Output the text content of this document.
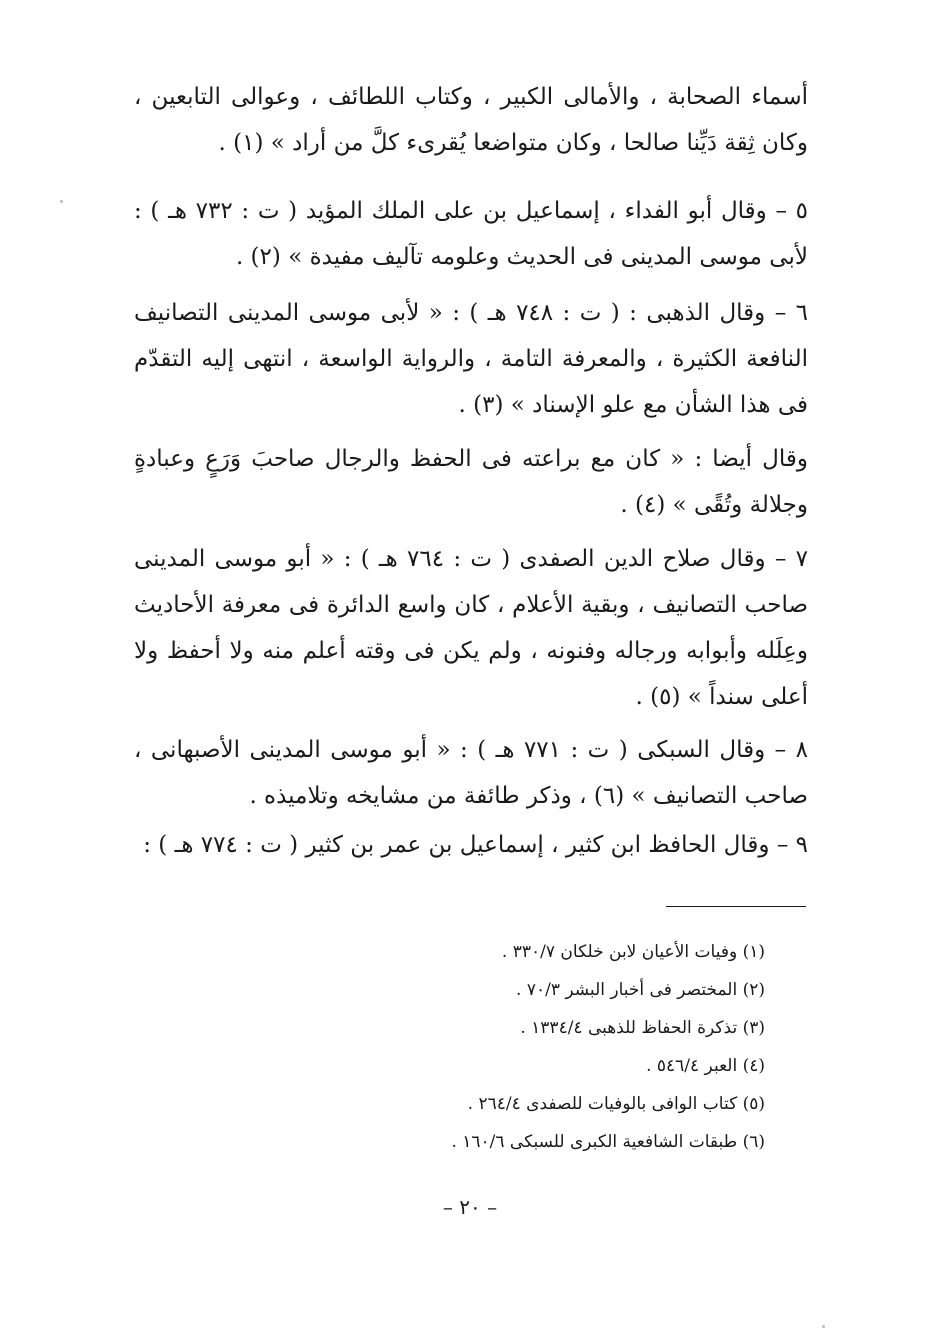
أسماء الصحابة ، والأمالى الكبير ، وكتاب اللطائف ، وعوالى التابعين ، وكان ثِقة دَيِّنا صالحا ، وكان متواضعا يُقرىء كلَّ من أراد » (١) .

٥ – وقال أبو الفداء ، إسماعيل بن على الملك المؤيد ( ت : ٧٣٢ هـ ) : لأبى موسى المدينى فى الحديث وعلومه تآليف مفيدة » (٢) .

٦ – وقال الذهبى : ( ت : ٧٤٨ هـ ) : « لأبى موسى المدينى التصانيف النافعة الكثيرة ، والمعرفة التامة ، والرواية الواسعة ، انتهى إليه التقدّم فى هذا الشأن مع علو الإسناد » (٣) .

وقال أيضا : « كان مع براعته فى الحفظ والرجال صاحبَ وَرَعٍ وعبادةٍ وجلالة وتُقًى » (٤) .

٧ – وقال صلاح الدين الصفدى ( ت : ٧٦٤ هـ ) : « أبو موسى المدينى صاحب التصانيف ، وبقية الأعلام ، كان واسع الدائرة فى معرفة الأحاديث وعِلَله وأبوابه ورجاله وفنونه ، ولم يكن فى وقته أعلم منه ولا أحفظ ولا أعلى سنداً » (٥) .

٨ – وقال السبكى ( ت : ٧٧١ هـ ) : « أبو موسى المدينى الأصبهانى ، صاحب التصانيف » (٦) ، وذكر طائفة من مشايخه وتلاميذه .

٩ – وقال الحافظ ابن كثير ، إسماعيل بن عمر بن كثير ( ت : ٧٧٤ هـ ) :

(١) وفيات الأعيان لابن خلكان ٣٣٠/٧ .
(٢) المختصر فى أخبار البشر ٧٠/٣ .
(٣) تذكرة الحفاظ للذهبى ١٣٣٤/٤ .
(٤) العبر ٥٤٦/٤ .
(٥) كتاب الوافى بالوفيات للصفدى ٢٦٤/٤ .
(٦) طبقات الشافعية الكبرى للسبكى ١٦٠/٦ .
– ٢٠ –
